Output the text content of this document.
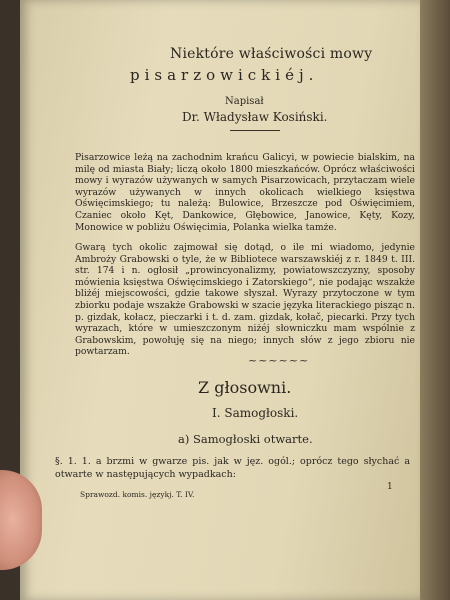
Niektóre właściwości mowy
pisarzowickiéj.
Napisał
Dr. Władysław Kosiński.
Pisarzowice leżą na zachodnim krańcu Galicyi, w powiecie bialskim, na milę od miasta Biały; liczą około 1800 mieszkańców. Oprócz właściwości mowy i wyrazów używanych w samych Pisarzowicach, przytaczam wiele wyrazów używanych w innych okolicach wielkiego księstwa Oświęcimskiego; tu należą: Bulowice, Brzeszcze pod Oświęcimiem, Czaniec około Kęt, Dankowice, Głębowice, Janowice, Kęty, Kozy, Monowice w pobliżu Oświęcimia, Polanka wielka tamże.
Gwarą tych okolic zajmował się dotąd, o ile mi wiadomo, jedynie Ambroży Grabowski o tyle, że w Bibliotece warszawskiéj z r. 1849 t. III. str. 174 i n. ogłosił „prowincyonalizmy, powiatowszczyzny, sposoby mówienia księstwa Oświęcimskiego i Zatorskiego“, nie podając wszakże bliżéj miejscowości, gdzie takowe słyszał. Wyrazy przytoczone w tym zbiorku podaje wszakże Grabowski w szacie języka literackiego pisząc n. p. gizdak, kołacz, pieczarki i t. d. zam. gizdak, kołač, piecarki. Przy tych wyrazach, które w umieszczonym niżéj słowniczku mam wspólnie z Grabowskim, powołuję się na niego; innych słów z jego zbioru nie powtarzam.
~~~~~~
Z głosowni.
I. Samogłoski.
a) Samogłoski otwarte.
§. 1. 1. a brzmi w gwarze pis. jak w jęz. ogól.; oprócz tego słychać a otwarte w następujących wypadkach:
1
Sprawozd. komis. językj. T. IV.
